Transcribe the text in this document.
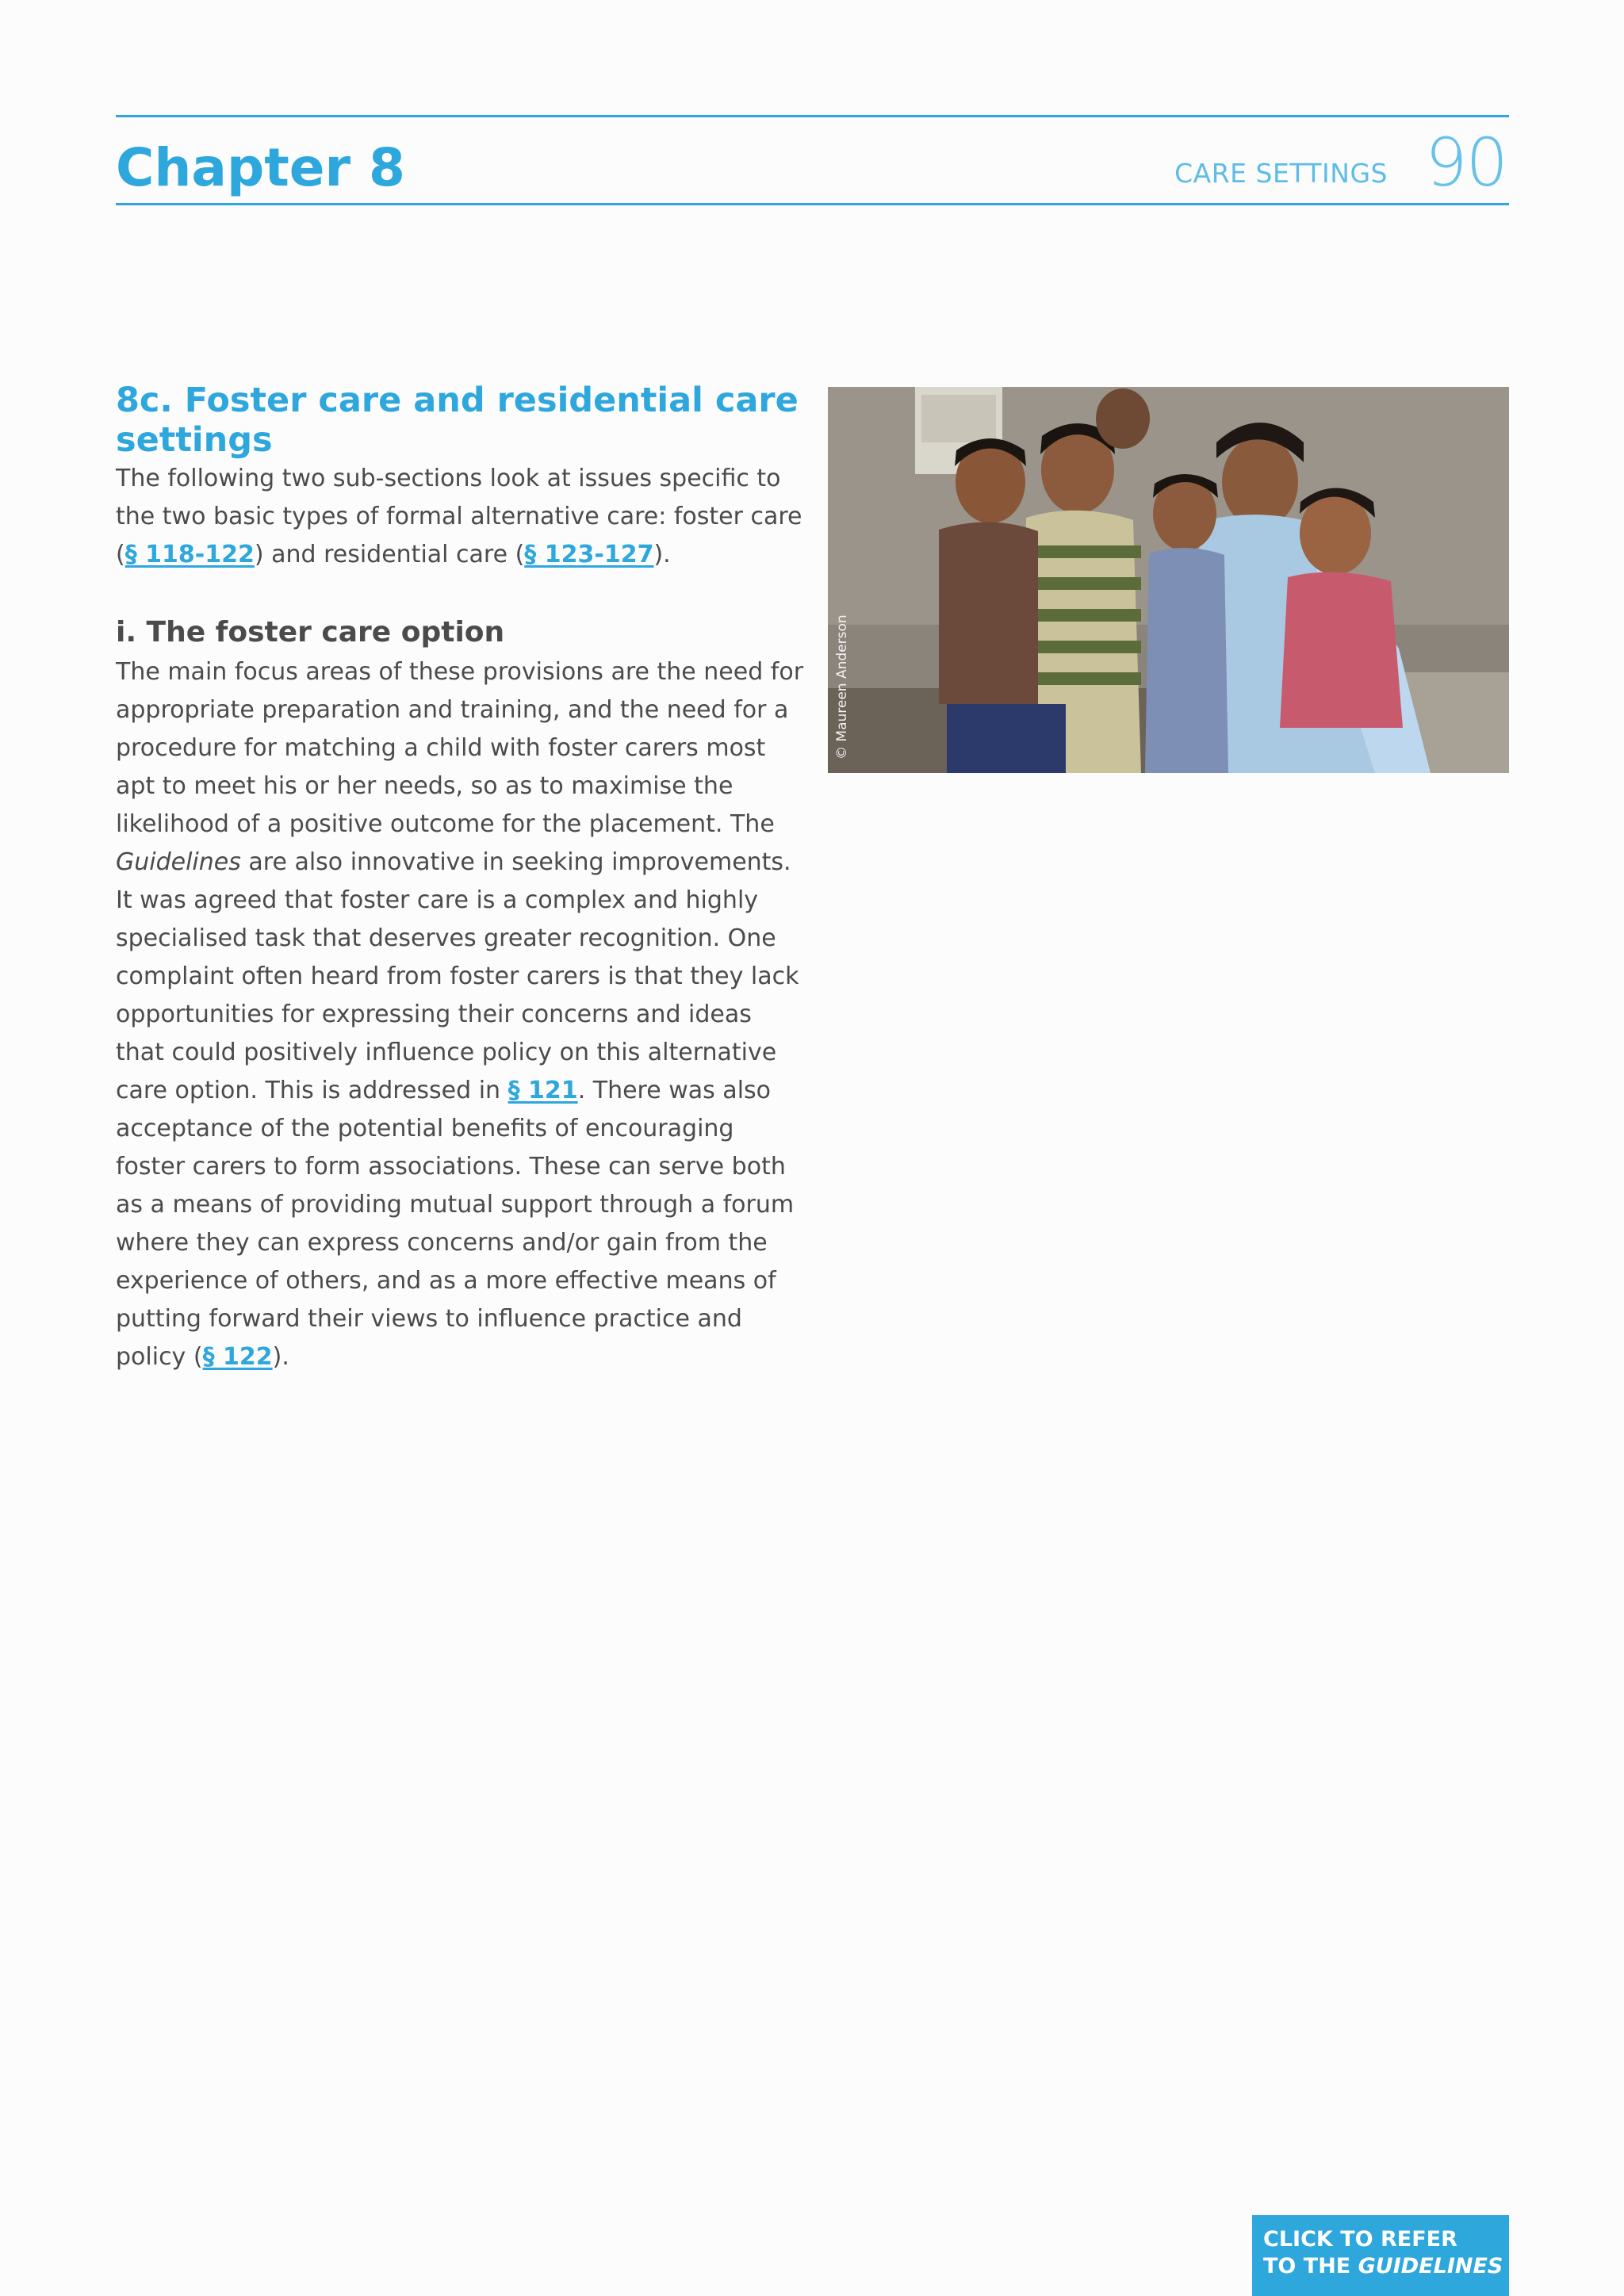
Chapter 8	CARE SETTINGS 90
8c. Foster care and residential care settings

The following two sub-sections look at issues specific to the two basic types of formal alternative care: foster care (§ 118-122) and residential care (§ 123-127).

i. The foster care option

The main focus areas of these provisions are the need for appropriate preparation and training, and the need for a procedure for matching a child with foster carers most apt to meet his or her needs, so as to maximise the likelihood of a positive outcome for the placement. The Guidelines are also innovative in seeking improvements. It was agreed that foster care is a complex and highly specialised task that deserves greater recognition. One complaint often heard from foster carers is that they lack opportunities for expressing their concerns and ideas that could positively influence policy on this alternative care option. This is addressed in § 121. There was also acceptance of the potential benefits of encouraging foster carers to form associations. These can serve both as a means of providing mutual support through a forum where they can express concerns and/or gain from the experience of others, and as a more effective means of putting forward their views to influence practice and policy (§ 122).

© Maureen Anderson
CLICK TO REFER
TO THE GUIDELINES
